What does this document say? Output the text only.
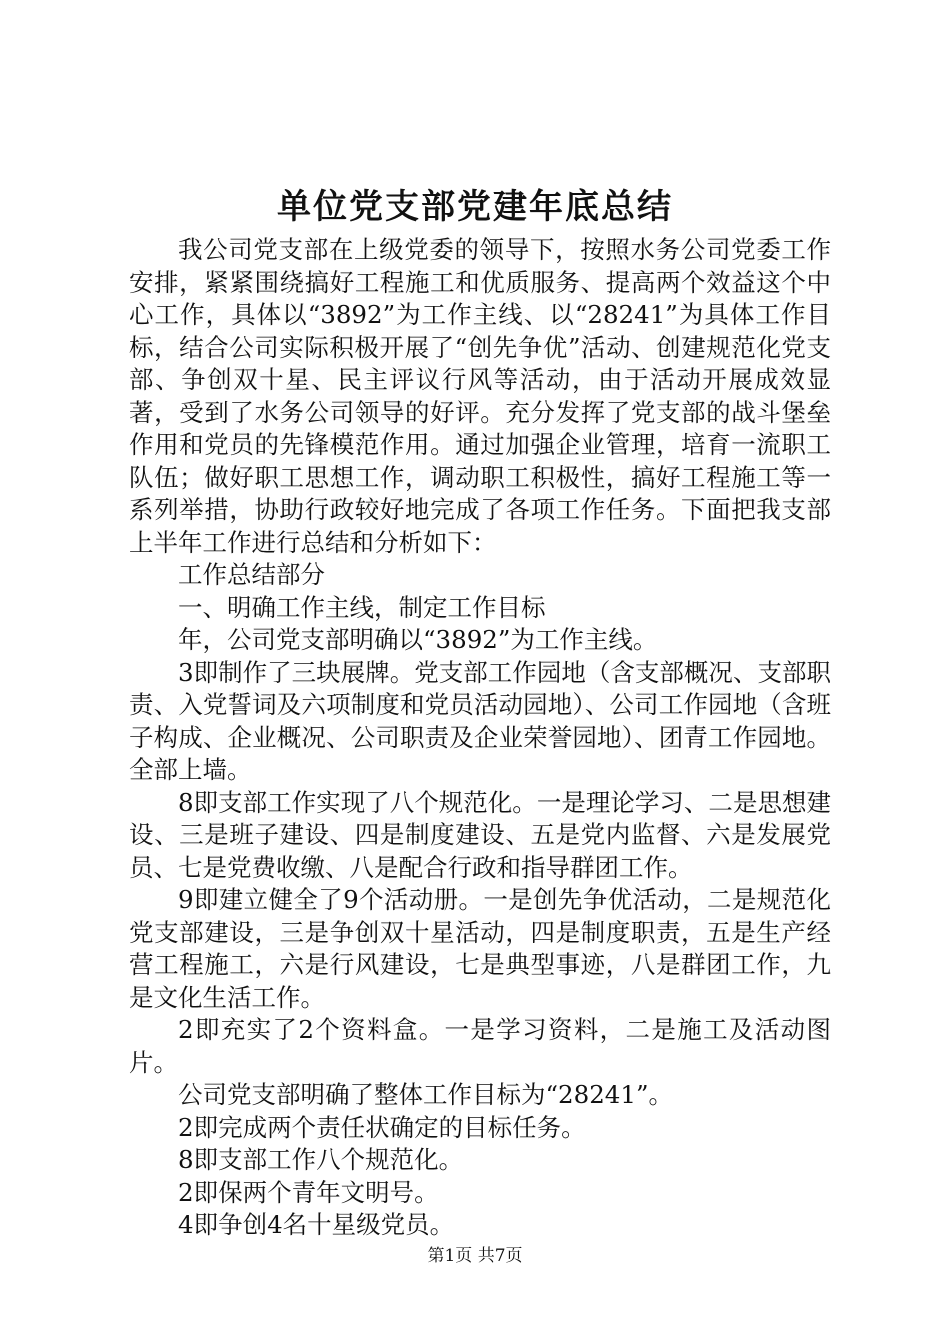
单位党支部党建年底总结

我公司党支部在上级党委的领导下，按照水务公司党委工作安排，紧紧围绕搞好工程施工和优质服务、提高两个效益这个中心工作，具体以“3892”为工作主线、以“28241”为具体工作目标，结合公司实际积极开展了“创先争优”活动、创建规范化党支部、争创双十星、民主评议行风等活动，由于活动开展成效显著，受到了水务公司领导的好评。充分发挥了党支部的战斗堡垒作用和党员的先锋模范作用。通过加强企业管理，培育一流职工队伍；做好职工思想工作，调动职工积极性，搞好工程施工等一系列举措，协助行政较好地完成了各项工作任务。下面把我支部上半年工作进行总结和分析如下：

工作总结部分

一、明确工作主线，制定工作目标

年，公司党支部明确以“3892”为工作主线。

3即制作了三块展牌。党支部工作园地（含支部概况、支部职责、入党誓词及六项制度和党员活动园地）、公司工作园地（含班子构成、企业概况、公司职责及企业荣誉园地）、团青工作园地。全部上墙。

8即支部工作实现了八个规范化。一是理论学习、二是思想建设、三是班子建设、四是制度建设、五是党内监督、六是发展党员、七是党费收缴、八是配合行政和指导群团工作。

9即建立健全了9个活动册。一是创先争优活动，二是规范化党支部建设，三是争创双十星活动，四是制度职责，五是生产经营工程施工，六是行风建设，七是典型事迹，八是群团工作，九是文化生活工作。

2即充实了2个资料盒。一是学习资料，二是施工及活动图片。

公司党支部明确了整体工作目标为“28241”。

2即完成两个责任状确定的目标任务。

8即支部工作八个规范化。

2即保两个青年文明号。

4即争创4名十星级党员。

第1页 共7页
